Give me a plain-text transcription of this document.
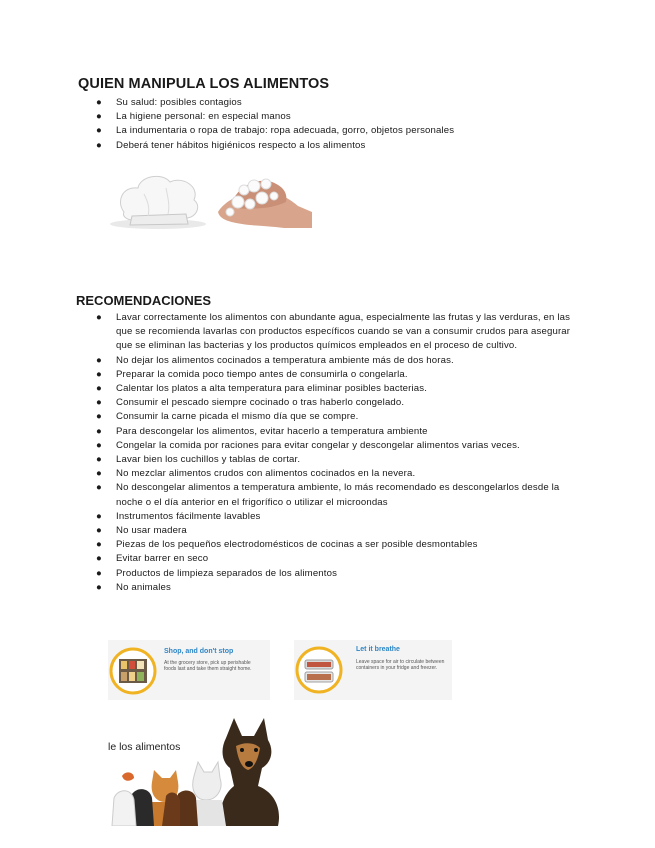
QUIEN MANIPULA LOS ALIMENTOS
● Su salud: posibles contagios
● La higiene personal: en especial manos
● La indumentaria o ropa de trabajo: ropa adecuada, gorro, objetos personales
● Deberá tener hábitos higiénicos respecto a los alimentos
RECOMENDACIONES
● Lavar correctamente los alimentos con abundante agua, especialmente las frutas y las verduras, en las que se recomienda lavarlas con productos específicos cuando se van a consumir crudos para asegurar que se eliminan las bacterias y los productos químicos empleados en el proceso de cultivo.
● No dejar los alimentos cocinados a temperatura ambiente más de dos horas.
● Preparar la comida poco tiempo antes de consumirla o congelarla.
● Calentar los platos a alta temperatura para eliminar posibles bacterias.
● Consumir el pescado siempre cocinado o tras haberlo congelado.
● Consumir la carne picada el mismo día que se compre.
● Para descongelar los alimentos, evitar hacerlo a temperatura ambiente
● Congelar la comida por raciones para evitar congelar y descongelar alimentos varias veces.
● Lavar bien los cuchillos y tablas de cortar.
● No mezclar alimentos crudos con alimentos cocinados en la nevera.
● No descongelar alimentos a temperatura ambiente, lo más recomendado es descongelarlos desde la noche o el día anterior en el frigorífico o utilizar el microondas
● Instrumentos fácilmente lavables
● No usar madera
● Piezas de los pequeños electrodomésticos de cocinas a ser posible desmontables
● Evitar barrer en seco
● Productos de limpieza separados de los alimentos
● No animales
Shop, and don't stop
At the grocery store, pick up perishable foods last and take them straight home.
Let it breathe
Leave space for air to circulate between containers in your fridge and freezer.
le los alimentos
